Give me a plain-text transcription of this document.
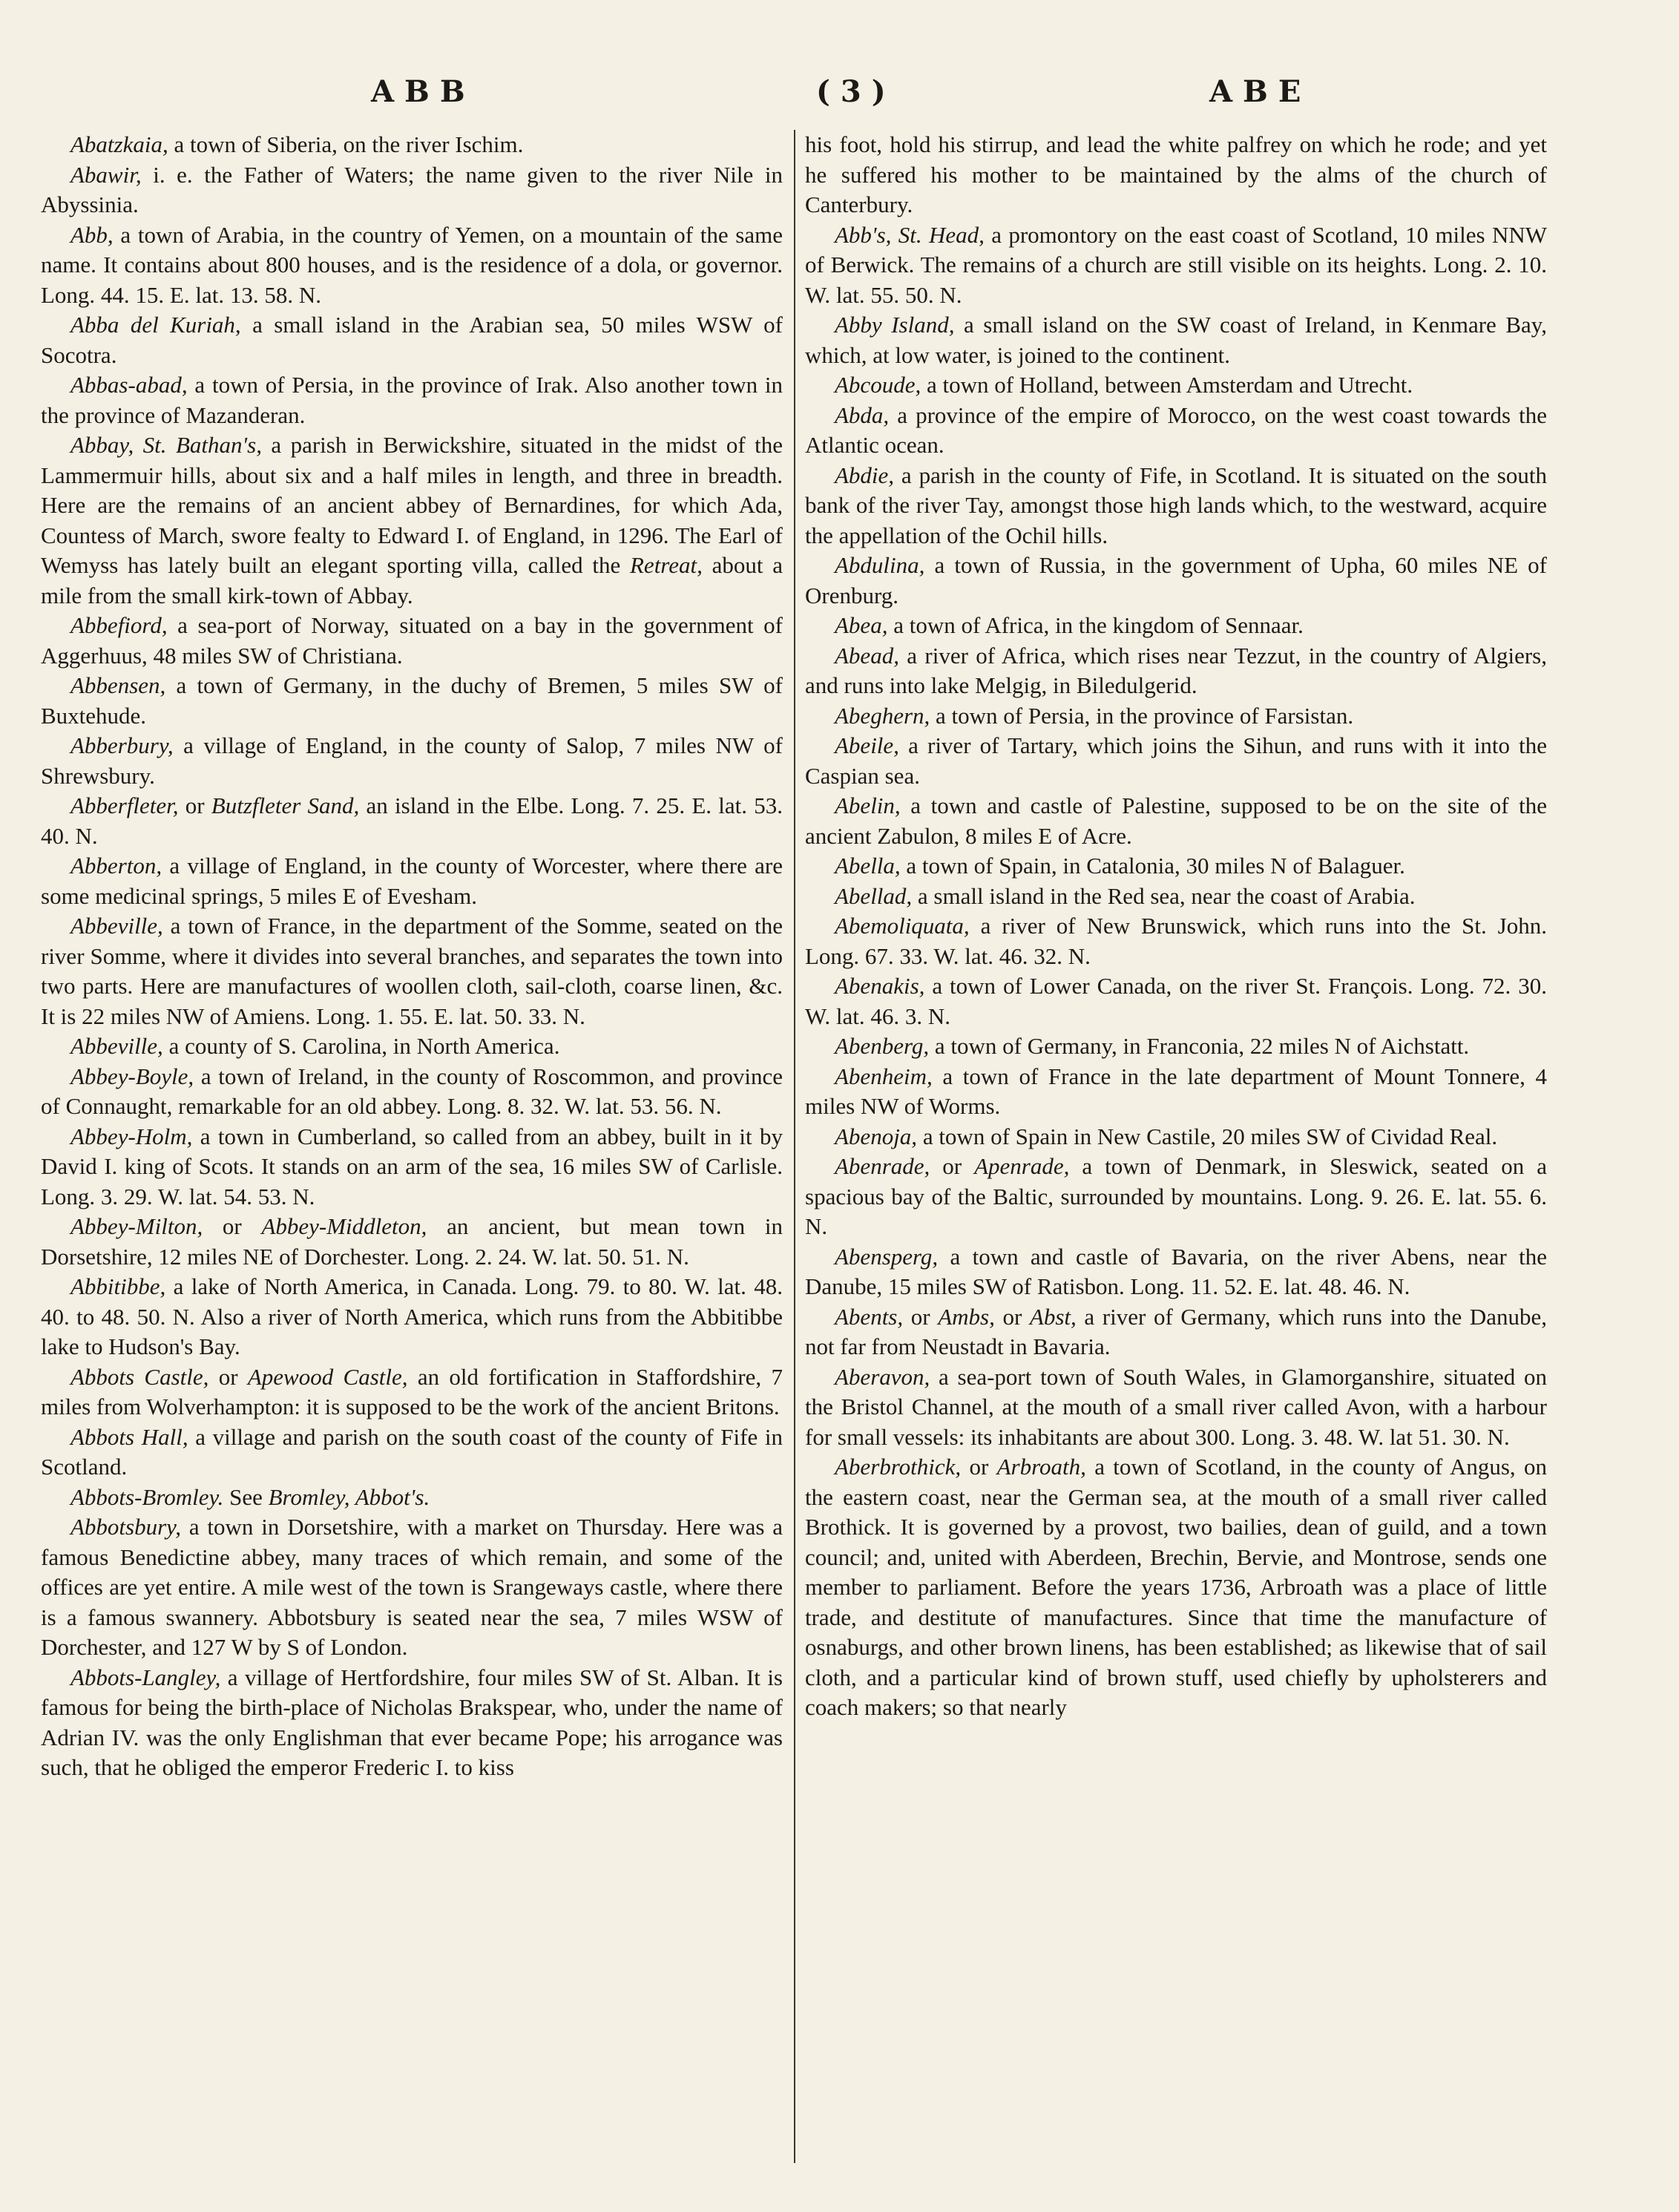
ABB	(3)	ABE

Abatzkaia, a town of Siberia, on the river Ischim.

Abawir, i. e. the Father of Waters; the name given to the river Nile in Abyssinia.

Abb, a town of Arabia, in the country of Yemen, on a mountain of the same name. It contains about 800 houses, and is the residence of a dola, or governor. Long. 44. 15. E. lat. 13. 58. N.

Abba del Kuriah, a small island in the Arabian sea, 50 miles WSW of Socotra.

Abbas-abad, a town of Persia, in the province of Irak. Also another town in the province of Mazanderan.

Abbay, St. Bathan's, a parish in Berwickshire, situated in the midst of the Lammermuir hills, about six and a half miles in length, and three in breadth. Here are the remains of an ancient abbey of Bernardines, for which Ada, Countess of March, swore fealty to Edward I. of England, in 1296. The Earl of Wemyss has lately built an elegant sporting villa, called the Retreat, about a mile from the small kirk-town of Abbay.

Abbefiord, a sea-port of Norway, situated on a bay in the government of Aggerhuus, 48 miles SW of Christiana.

Abbensen, a town of Germany, in the duchy of Bremen, 5 miles SW of Buxtehude.

Abberbury, a village of England, in the county of Salop, 7 miles NW of Shrewsbury.

Abberfleter, or Butzfleter Sand, an island in the Elbe. Long. 7. 25. E. lat. 53. 40. N.

Abberton, a village of England, in the county of Worcester, where there are some medicinal springs, 5 miles E of Evesham.

Abbeville, a town of France, in the department of the Somme, seated on the river Somme, where it divides into several branches, and separates the town into two parts. Here are manufactures of woollen cloth, sail-cloth, coarse linen, &c. It is 22 miles NW of Amiens. Long. 1. 55. E. lat. 50. 33. N.

Abbeville, a county of S. Carolina, in North America.

Abbey-Boyle, a town of Ireland, in the county of Roscommon, and province of Connaught, remarkable for an old abbey. Long. 8. 32. W. lat. 53. 56. N.

Abbey-Holm, a town in Cumberland, so called from an abbey, built in it by David I. king of Scots. It stands on an arm of the sea, 16 miles SW of Carlisle. Long. 3. 29. W. lat. 54. 53. N.

Abbey-Milton, or Abbey-Middleton, an ancient, but mean town in Dorsetshire, 12 miles NE of Dorchester. Long. 2. 24. W. lat. 50. 51. N.

Abbitibbe, a lake of North America, in Canada. Long. 79. to 80. W. lat. 48. 40. to 48. 50. N. Also a river of North America, which runs from the Abbitibbe lake to Hudson's Bay.

Abbots Castle, or Apewood Castle, an old fortification in Staffordshire, 7 miles from Wolverhampton: it is supposed to be the work of the ancient Britons.

Abbots Hall, a village and parish on the south coast of the county of Fife in Scotland.

Abbots-Bromley. See Bromley, Abbot's.

Abbotsbury, a town in Dorsetshire, with a market on Thursday. Here was a famous Benedictine abbey, many traces of which remain, and some of the offices are yet entire. A mile west of the town is Srangeways castle, where there is a famous swannery. Abbotsbury is seated near the sea, 7 miles WSW of Dorchester, and 127 W by S of London.

Abbots-Langley, a village of Hertfordshire, four miles SW of St. Alban. It is famous for being the birth-place of Nicholas Brakspear, who, under the name of Adrian IV. was the only Englishman that ever became Pope; his arrogance was such, that he obliged the emperor Frederic I. to kiss

his foot, hold his stirrup, and lead the white palfrey on which he rode; and yet he suffered his mother to be maintained by the alms of the church of Canterbury.

Abb's, St. Head, a promontory on the east coast of Scotland, 10 miles NNW of Berwick. The remains of a church are still visible on its heights. Long. 2. 10. W. lat. 55. 50. N.

Abby Island, a small island on the SW coast of Ireland, in Kenmare Bay, which, at low water, is joined to the continent.

Abcoude, a town of Holland, between Amsterdam and Utrecht.

Abda, a province of the empire of Morocco, on the west coast towards the Atlantic ocean.

Abdie, a parish in the county of Fife, in Scotland. It is situated on the south bank of the river Tay, amongst those high lands which, to the westward, acquire the appellation of the Ochil hills.

Abdulina, a town of Russia, in the government of Upha, 60 miles NE of Orenburg.

Abea, a town of Africa, in the kingdom of Sennaar.

Abead, a river of Africa, which rises near Tezzut, in the country of Algiers, and runs into lake Melgig, in Biledulgerid.

Abeghern, a town of Persia, in the province of Farsistan.

Abeile, a river of Tartary, which joins the Sihun, and runs with it into the Caspian sea.

Abelin, a town and castle of Palestine, supposed to be on the site of the ancient Zabulon, 8 miles E of Acre.

Abella, a town of Spain, in Catalonia, 30 miles N of Balaguer.

Abellad, a small island in the Red sea, near the coast of Arabia.

Abemoliquata, a river of New Brunswick, which runs into the St. John. Long. 67. 33. W. lat. 46. 32. N.

Abenakis, a town of Lower Canada, on the river St. François. Long. 72. 30. W. lat. 46. 3. N.

Abenberg, a town of Germany, in Franconia, 22 miles N of Aichstatt.

Abenheim, a town of France in the late department of Mount Tonnere, 4 miles NW of Worms.

Abenoja, a town of Spain in New Castile, 20 miles SW of Cividad Real.

Abenrade, or Apenrade, a town of Denmark, in Sleswick, seated on a spacious bay of the Baltic, surrounded by mountains. Long. 9. 26. E. lat. 55. 6. N.

Abensperg, a town and castle of Bavaria, on the river Abens, near the Danube, 15 miles SW of Ratisbon. Long. 11. 52. E. lat. 48. 46. N.

Abents, or Ambs, or Abst, a river of Germany, which runs into the Danube, not far from Neustadt in Bavaria.

Aberavon, a sea-port town of South Wales, in Glamorganshire, situated on the Bristol Channel, at the mouth of a small river called Avon, with a harbour for small vessels: its inhabitants are about 300. Long. 3. 48. W. lat 51. 30. N.

Aberbrothick, or Arbroath, a town of Scotland, in the county of Angus, on the eastern coast, near the German sea, at the mouth of a small river called Brothick. It is governed by a provost, two bailies, dean of guild, and a town council; and, united with Aberdeen, Brechin, Bervie, and Montrose, sends one member to parliament. Before the years 1736, Arbroath was a place of little trade, and destitute of manufactures. Since that time the manufacture of osnaburgs, and other brown linens, has been established; as likewise that of sail cloth, and a particular kind of brown stuff, used chiefly by upholsterers and coach makers; so that nearly
